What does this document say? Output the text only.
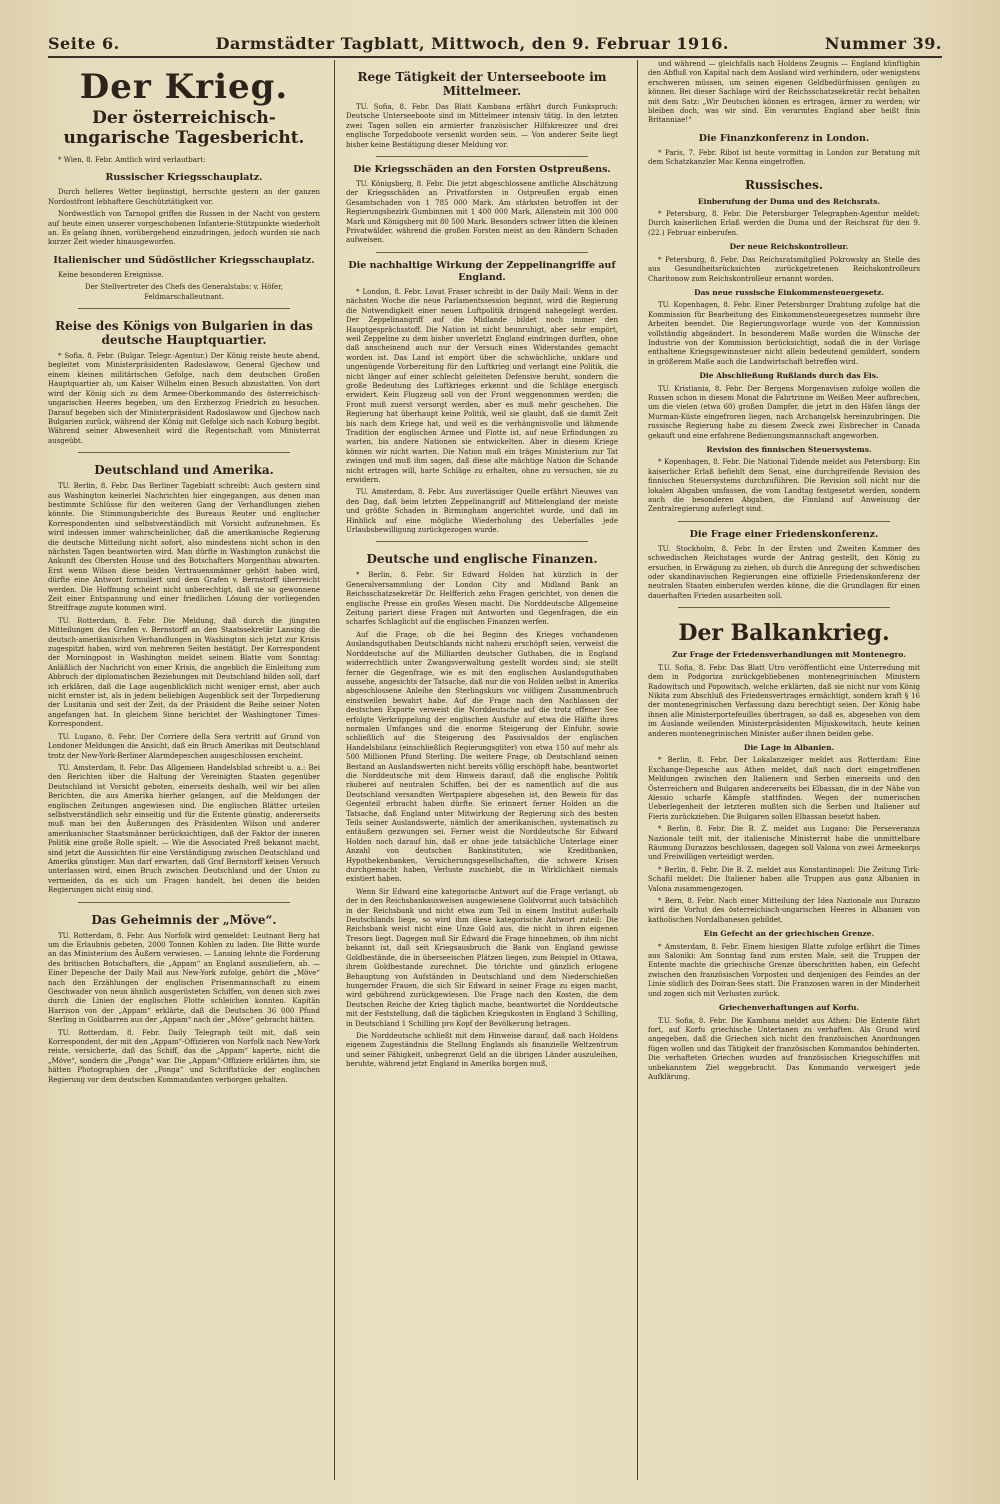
Seite 6.	Darmstädter Tagblatt, Mittwoch, den 9. Februar 1916.	Nummer 39.
Der Krieg.
Der österreichisch-ungarische Tagesbericht.

* Wien, 8. Febr. Amtlich wird verlautbart:

Russischer Kriegsschauplatz.

Durch helleres Wetter begünstigt, herrschte gestern an der ganzen Nordostfront lebhaftere Geschütztätigkeit vor.

Nordwestlich von Tarnopol griffen die Russen in der Nacht von gestern auf heute einen unserer vorgeschobenen Infanterie-Stützpunkte wiederholt an. Es gelang ihnen, vorübergehend einzudringen, jedoch wurden sie nach kurzer Zeit wieder hinausgeworfen.

Italienischer und Südöstlicher Kriegsschauplatz.

Keine besonderen Ereignisse.

Der Stellvertreter des Chefs des Generalstabs: v. Höfer, Feldmarschalleutnant.

Reise des Königs von Bulgarien in das deutsche Hauptquartier.

* Sofia, 8. Febr. (Bulgar. Telegr.-Agentur.) Der König reiste heute abend, begleitet vom Ministerpräsidenten Radoslawow, General Gjechow und einem kleinen militärischen Gefolge, nach dem deutschen Großen Hauptquartier ab, um Kaiser Wilhelm einen Besuch abzustatten. Von dort wird der König sich zu dem Armee-Oberkommando des österreichisch-ungarischen Heeres begeben, um den Erzherzog Friedrich zu besuchen. Darauf begeben sich der Ministerpräsident Radoslawow und Gjechow nach Bulgarien zurück, während der König mit Gefolge sich nach Koburg begibt. Während seiner Abwesenheit wird die Regentschaft vom Ministerrat ausgeübt.

Deutschland und Amerika.

TU. Berlin, 8. Febr. Das Berliner Tageblatt schreibt: Auch gestern sind aus Washington keinerlei Nachrichten hier eingegangen, aus denen man bestimmte Schlüsse für den weiteren Gang der Verhandlungen ziehen könnte. Die Stimmungsberichte des Bureaus Reuter und englischer Korrespondenten sind selbstverständlich mit Vorsicht aufzunehmen. Es wird indessen immer wahrscheinlicher, daß die amerikanische Regierung die deutsche Mitteilung nicht sofort, also mindestens nicht schon in den nächsten Tagen beantworten wird. Man dürfte in Washington zunächst die Ankunft des Obersten House und des Botschafters Morgenthau abwarten. Erst wenn Wilson diese beiden Vertrauensmänner gehört haben wird, dürfte eine Antwort formuliert und dem Grafen v. Bernstorff überreicht werden. Die Hoffnung scheint nicht unberechtigt, daß sie so gewonnene Zeit einer Entspannung und einer friedlichen Lösung der vorliegenden Streitfrage zugute kommen wird.

TU. Rotterdam, 8. Febr. Die Meldung, daß durch die jüngsten Mitteilungen des Grafen v. Bernstorff an den Staatssekretär Lansing die deutsch-amerikanischen Verhandlungen in Washington sich jetzt zur Krisis zugespitzt haben, wird von mehreren Seiten bestätigt. Der Korrespondent der Morningpost in Washington meldet seinem Blatte vom Sonntag: Anläßlich der Nachricht von einer Krisis, die angeblich die Einleitung zum Abbruch der diplomatischen Beziehungen mit Deutschland bilden soll, darf ich erklären, daß die Lage augenblicklich nicht weniger ernst, aber auch nicht ernster ist, als in jedem beliebigen Augenblick seit der Torpedierung der Lusitania und seit der Zeit, da der Präsident die Reihe seiner Noten angefangen hat. In gleichem Sinne berichtet der Washingtoner Times-Korrespondent.

TU. Lugano, 8. Febr. Der Corriere della Sera vertritt auf Grund von Londoner Meldungen die Ansicht, daß ein Bruch Amerikas mit Deutschland trotz der New-York-Berliner Alarmdepeschen ausgeschlossen erscheint.

TU. Amsterdam, 8. Febr. Das Allgemeen Handelsblad schreibt u. a.: Bei den Berichten über die Haltung der Vereinigten Staaten gegenüber Deutschland ist Vorsicht geboten, einerseits deshalb, weil wir bei allen Berichten, die aus Amerika hierher gelangen, auf die Meldungen der englischen Zeitungen angewiesen sind. Die englischen Blätter urteilen selbstverständlich sehr einseitig und für die Entente günstig, andererseits muß man bei den Äußerungen des Präsidenten Wilson und anderer amerikanischer Staatsmänner berücksichtigen, daß der Faktor der inneren Politik eine große Rolle spielt. — Wie die Associated Preß bekannt macht, sind jetzt die Aussichten für eine Verständigung zwischen Deutschland und Amerika günstiger. Man darf erwarten, daß Graf Bernstorff keinen Versuch unterlassen wird, einen Bruch zwischen Deutschland und der Union zu vermeiden, da es sich um Fragen handelt, bei denen die beiden Regierungen nicht einig sind.

Das Geheimnis der „Möve“.

TU. Rotterdam, 8. Febr. Aus Norfolk wird gemeldet: Leutnant Berg hat um die Erlaubnis gebeten, 2000 Tonnen Kohlen zu laden. Die Bitte wurde an das Ministerium des Äußern verwiesen. — Lansing lehnte die Forderung des britischen Botschafters, die „Appam“ an England auszuliefern, ab. — Einer Depesche der Daily Mail aus New-York zufolge, gehört die „Möve“ nach den Erzählungen der englischen Prisenmannschaft zu einem Geschwader von neun ähnlich ausgerüsteten Schiffen, von denen sich zwei durch die Linien der englischen Flotte schleichen konnten. Kapitän Harrison von der „Appam“ erklärte, daß die Deutschen 36 000 Pfund Sterling in Goldbarren aus der „Appam“ nach der „Möve“ gebracht hätten.

TU. Rotterdam, 8. Febr. Daily Telegraph teilt mit, daß sein Korrespondent, der mit den „Appam“-Offizieren von Norfolk nach New-York reiste, versicherte, daß das Schiff, das die „Appam“ kaperte, nicht die „Möve“, sondern die „Ponga“ war. Die „Appam“-Offiziere erklärten ihm, sie hätten Photographien der „Ponga“ und Schriftstücke der englischen Regierung vor dem deutschen Kommandanten verborgen gehalten.

Rege Tätigkeit der Unterseeboote im Mittelmeer.

TU. Sofia, 8. Febr. Das Blatt Kambana erfährt durch Funkspruch: Deutsche Unterseeboote sind im Mittelmeer intensiv tätig. In den letzten zwei Tagen sollen ein armierter französischer Hilfskreuzer und drei englische Torpedoboote versenkt worden sein. — Von anderer Seite liegt bisher keine Bestätigung dieser Meldung vor.

Die Kriegsschäden an den Forsten Ostpreußens.

TU. Königsberg, 8. Febr. Die jetzt abgeschlossene amtliche Abschätzung der Kriegsschäden an Privatforsten in Ostpreußen ergab einen Gesamtschaden von 1 785 000 Mark. Am stärksten betroffen ist der Regierungsbezirk Gumbinnen mit 1 400 000 Mark, Allenstein mit 300 000 Mark und Königsberg mit 80 500 Mark. Besonders schwer litten die kleinen Privatwälder, während die großen Forsten meist an den Rändern Schaden aufweisen.

Die nachhaltige Wirkung der Zeppelinangriffe auf England.

* London, 8. Febr. Lovat Fraser schreibt in der Daily Mail: Wenn in der nächsten Woche die neue Parlamentssession beginnt, wird die Regierung die Notwendigkeit einer neuen Luftpolitik dringend nahegelegt werden. Der Zeppelinangriff auf die Midlande bildet noch immer den Hauptgesprächsstoff. Die Nation ist nicht beunruhigt, aber sehr empört, weil Zeppeline zu dem bisher unverletzt England eindringen durften, ohne daß anscheinend auch nur der Versuch eines Widerstandes gemacht worden ist. Das Land ist empört über die schwächliche, unklare und ungenügende Vorbereitung für den Luftkrieg und verlangt eine Politik, die nicht länger auf einer schlecht geleiteten Defensive beruht, sondern die große Bedeutung des Luftkrieges erkennt und die Schläge energisch erwidert. Kein Flugzeug soll von der Front weggenommen werden; die Front muß zuerst versorgt werden, aber es muß mehr geschehen. Die Regierung hat überhaupt keine Politik, weil sie glaubt, daß sie damit Zeit bis nach dem Kriege hat, und weil es die verhängnisvolle und lähmende Tradition der englischen Armee und Flotte ist, auf neue Erfindungen zu warten, bis andere Nationen sie entwickelten. Aber in diesem Kriege können wir nicht warten. Die Nation muß ein träges Ministerium zur Tat zwingen und muß ihm sagen, daß diese alte mächtige Nation die Schande nicht ertragen will, harte Schläge zu erhalten, ohne zu versuchen, sie zu erwidern.

TU. Amsterdam, 8. Febr. Aus zuverlässiger Quelle erfährt Nieuwes van den Dag, daß beim letzten Zeppelinangriff auf Mittelengland der meiste und größte Schaden in Birmingham angerichtet wurde, und daß im Hinblick auf eine mögliche Wiederholung des Ueberfalles jede Urlaubsbewilligung zurückgezogen wurde.

Deutsche und englische Finanzen.

* Berlin, 8. Febr. Sir Edward Holden hat kürzlich in der Generalversammlung der London City and Midland Bank an Reichsschatzsekretär Dr. Helfferich zehn Fragen gerichtet, von denen die englische Presse ein großes Wesen macht. Die Norddeutsche Allgemeine Zeitung pariert diese Fragen mit Antworten und Gegenfragen, die ein scharfes Schlaglicht auf die englischen Finanzen werfen.

Auf die Frage, ob die bei Beginn des Krieges vorhandenen Auslandsguthaben Deutschlands nicht nahezu erschöpft seien, verweist die Norddeutsche auf die Milliarden deutscher Guthaben, die in England widerrechtlich unter Zwangsverwaltung gestellt worden sind; sie stellt ferner die Gegenfrage, wie es mit den englischen Auslandsguthaben aussehe, angesichts der Tatsache, daß nur die von Holden selbst in Amerika abgeschlossene Anleihe den Sterlingskurs vor völligem Zusammenbruch einstweilen bewahrt habe. Auf die Frage nach den Nachlassen der deutschen Exporte verweist die Norddeutsche auf die trotz offener See erfolgte Verkrüppelung der englischen Ausfuhr auf etwa die Hälfte ihres normalen Umfanges und die enorme Steigerung der Einfuhr, sowie schließlich auf die Steigerung des Passivsaldos der englischen Handelsbilanz (einschließlich Regierungsgüter) von etwa 150 auf mehr als 500 Millionen Pfund Sterling. Die weitere Frage, ob Deutschland seinen Bestand an Auslandswerten nicht bereits völlig erschöpft habe, beantwortet die Norddeutsche mit dem Hinweis darauf, daß die englische Politik räuberei auf neutralen Schiffen, bei der es namentlich auf die aus Deutschland versandten Wertpapiere abgesehen ist, den Beweis für das Gegenteil erbracht haben dürfte. Sie erinnert ferner Holden an die Tatsache, daß England unter Mitwirkung der Regierung sich des besten Teils seiner Auslandswerte, nämlich der amerikanischen, systematisch zu entäußern gezwungen sei. Ferner weist die Norddeutsche Sir Edward Holden noch darauf hin, daß er ohne jede tatsächliche Unterlage einer Anzahl von deutschen Bankinstituten, wie Kreditbanken, Hypothekenbanken, Versicherungsgesellschaften, die schwere Krisen durchgemacht haben, Verluste zuschiebt, die in Wirklichkeit niemals existiert haben.

Wenn Sir Edward eine kategorische Antwort auf die Frage verlangt, ob der in den Reichsbankausweisen ausgewiesene Goldvorrat auch tatsächlich in der Reichsbank und nicht etwa zum Teil in einem Institut außerhalb Deutschlands liege, so wird ihm diese kategorische Antwort zuteil: Die Reichsbank weist nicht eine Unze Gold aus, die nicht in ihren eigenen Tresors liegt. Dagegen muß Sir Edward die Frage hinnehmen, ob ihm nicht bekannt ist, daß seit Kriegsausbruch die Bank von England gewisse Goldbestände, die in überseeischen Plätzen liegen, zum Beispiel in Ottawa, ihrem Goldbestande zurechnet. Die törichte und gänzlich erlogene Behauptung von Aufständen in Deutschland und dem Niederschießen hungernder Frauen, die sich Sir Edward in seiner Frage zu eigen macht, wird gebührend zurückgewiesen. Die Frage nach den Kosten, die dem Deutschen Reiche der Krieg täglich mache, beantwortet die Norddeutsche mit der Feststellung, daß die täglichen Kriegskosten in England 3 Schilling, in Deutschland 1 Schilling pro Kopf der Bevölkerung betragen.

Die Norddeutsche schließt mit dem Hinweise darauf, daß nach Holdens eigenem Zugeständnis die Stellung Englands als finanzielle Weltzentrum und seiner Fähigkeit, unbegrenzt Geld an die übrigen Länder auszuleihen, beruhte, während jetzt England in Amerika borgen muß,

und während — gleichfalls nach Holdens Zeugnis — England künftighin den Abfluß von Kapital nach dem Ausland wird verhindern, oder wenigstens erschweren müssen, um seinen eigenen Geldbedürfnissen genügen zu können. Bei dieser Sachlage wird der Reichsschatzsekretär recht behalten mit dem Satz: „Wir Deutschen können es ertragen, ärmer zu werden; wir bleiben doch, was wir sind. Ein verarmtes England aber heißt finis Britanniae!“

Die Finanzkonferenz in London.

* Paris, 7. Febr. Ribot ist heute vormittag in London zur Beratung mit dem Schatzkanzler Mac Kenna eingetroffen.

Russisches.

Einberufung der Duma und des Reichsrats.

* Petersburg, 8. Febr. Die Petersburger Telegraphen-Agentur meldet: Durch kaiserlichen Erlaß werden die Duma und der Reichsrat für den 9. (22.) Februar einberufen.

Der neue Reichskontrolleur.

* Petersburg, 8. Febr. Das Reichsratsmitglied Pokrowsky an Stelle des aus Gesundheitsrücksichten zurückgetretenen Reichskontrolleurs Charitonow zum Reichskontrolleur ernannt worden.

Das neue russische Einkommensteuergesetz.

TU. Kopenhagen, 8. Febr. Einer Petersburger Drahtung zufolge hat die Kommission für Bearbeitung des Einkommensteuergesetzes nunmehr ihre Arbeiten beendet. Die Regierungsvorlage wurde von der Kommission vollständig abgeändert. In besonderem Maße wurden die Wünsche der Industrie von der Kommission berücksichtigt, sodaß die in der Vorlage enthaltene Kriegsgewinnsteuer nicht allein bedeutend gemildert, sondern in größerem Maße auch die Landwirtschaft betreffen wird.

Die Abschließung Rußlands durch das Eis.

TU. Kristiania, 8. Febr. Der Bergens Morgenavisen zufolge wollen die Russen schon in diesem Monat die Fahrtrinne im Weißen Meer aufbrechen, um die vielen (etwa 60) großen Dampfer, die jetzt in den Häfen längs der Murman-Küste eingefroren liegen, nach Archangelsk hereinzubringen. Die russische Regierung habe zu diesem Zweck zwei Eisbrecher in Canada gekauft und eine erfahrene Bedienungsmannschaft angeworben.

Revision des finnischen Steuersystems.

* Kopenhagen, 8. Febr. Die National Tidende meldet aus Petersburg: Ein kaiserlicher Erlaß befiehlt dem Senat, eine durchgreifende Revision des finnischen Steuersystems durchzuführen. Die Revision soll nicht nur die lokalen Abgaben umfassen, die vom Landtag festgesetzt werden, sondern auch die besonderen Abgaben, die Finnland auf Anweisung der Zentralregierung auferlegt sind.

Die Frage einer Friedenskonferenz.

TU. Stockholm, 8. Febr. In der Ersten und Zweiten Kammer des schwedischen Reichstages wurde der Antrag gestellt, den König zu ersuchen, in Erwägung zu ziehen, ob durch die Anregung der schwedischen oder skandinavischen Regierungen eine offizielle Friedenskonferenz der neutralen Staaten einberufen werden könne, die die Grundlagen für einen dauerhaften Frieden ausarbeiten soll.

Der Balkankrieg.

Zur Frage der Friedensverhandlungen mit Montenegro.

T.U. Sofia, 8. Febr. Das Blatt Utro veröffentlicht eine Unterredung mit dem in Podgoriza zurückgebliebenen montenegrinischen Ministern Radowitsch und Popowitsch, welche erklärten, daß sie nicht nur vom König Nikita zum Abschluß des Friedensvertrages ermächtigt, sondern kraft § 16 der montenegrinischen Verfassung dazu berechtigt seien. Der König habe ihnen alle Ministerportefeuilles übertragen, so daß es, abgesehen von dem im Auslande weilenden Ministerpräsidenten Mijuskowitsch, heute keinen anderen montenegrinischen Minister außer ihnen beiden gebe.

Die Lage in Albanien.

* Berlin, 8. Febr. Der Lokalanzeiger meldet aus Rotterdam: Eine Exchange-Depesche aus Athen meldet, daß nach dort eingetroffenen Meldungen zwischen den Italienern und Serben einerseits und den Österreichern und Bulgaren andererseits bei Elbassan, die in der Nähe von Alessio scharfe Kämpfe stattfinden. Wegen der numerischen Ueberlegenheit der letzteren mußten sich die Serben und Italiener auf Fieris zurückziehen. Die Bulgaren sollen Elbassan besetzt haben.

* Berlin, 8. Febr. Die B. Z. meldet aus Lugano: Die Perseveranza Nazionale teilt mit, der italienische Ministerrat habe die unmittelbare Räumung Durazzos beschlossen, dagegen soll Valona von zwei Armeekorps und Freiwilligen verteidigt werden.

* Berlin, 8. Febr. Die B. Z. meldet aus Konstantinopel: Die Zeitung Tirk-Schafil meldet: Die Italiener haben alle Truppen aus ganz Albanien in Valona zusammengezogen.

* Bern, 8. Febr. Nach einer Mitteilung der Idea Nazionale aus Durazzo wird die Vorhut des österreichisch-ungarischen Heeres in Albanien von katholischen Nordalbanesen gebildet.

Ein Gefecht an der griechischen Grenze.

* Amsterdam, 8. Febr. Einem hiesigen Blatte zufolge erfährt die Times aus Saloniki: Am Sonntag fand zum ersten Male, seit die Truppen der Entente machte die griechische Grenze überschritten haben, ein Gefecht zwischen den französischen Vorposten und denjenigen des Feindes an der Linie südlich des Doiran-Sees statt. Die Franzosen waren in der Minderheit und zogen sich mit Verlusten zurück.

Griechenverhaftungen auf Korfu.

T.U. Sofia, 8. Febr. Die Kambana meldet aus Athen: Die Entente fährt fort, auf Korfu griechische Untertanen zu verhaften. Als Grund wird angegeben, daß die Griechen sich nicht den französischen Anordnungen fügen wollen und das Tätigkeit der französischen Kommandos behinderten. Die verhafteten Griechen wurden auf französischen Kriegsschiffen mit unbekanntem Ziel weggebracht. Das Kommando verweigert jede Aufklärung.
